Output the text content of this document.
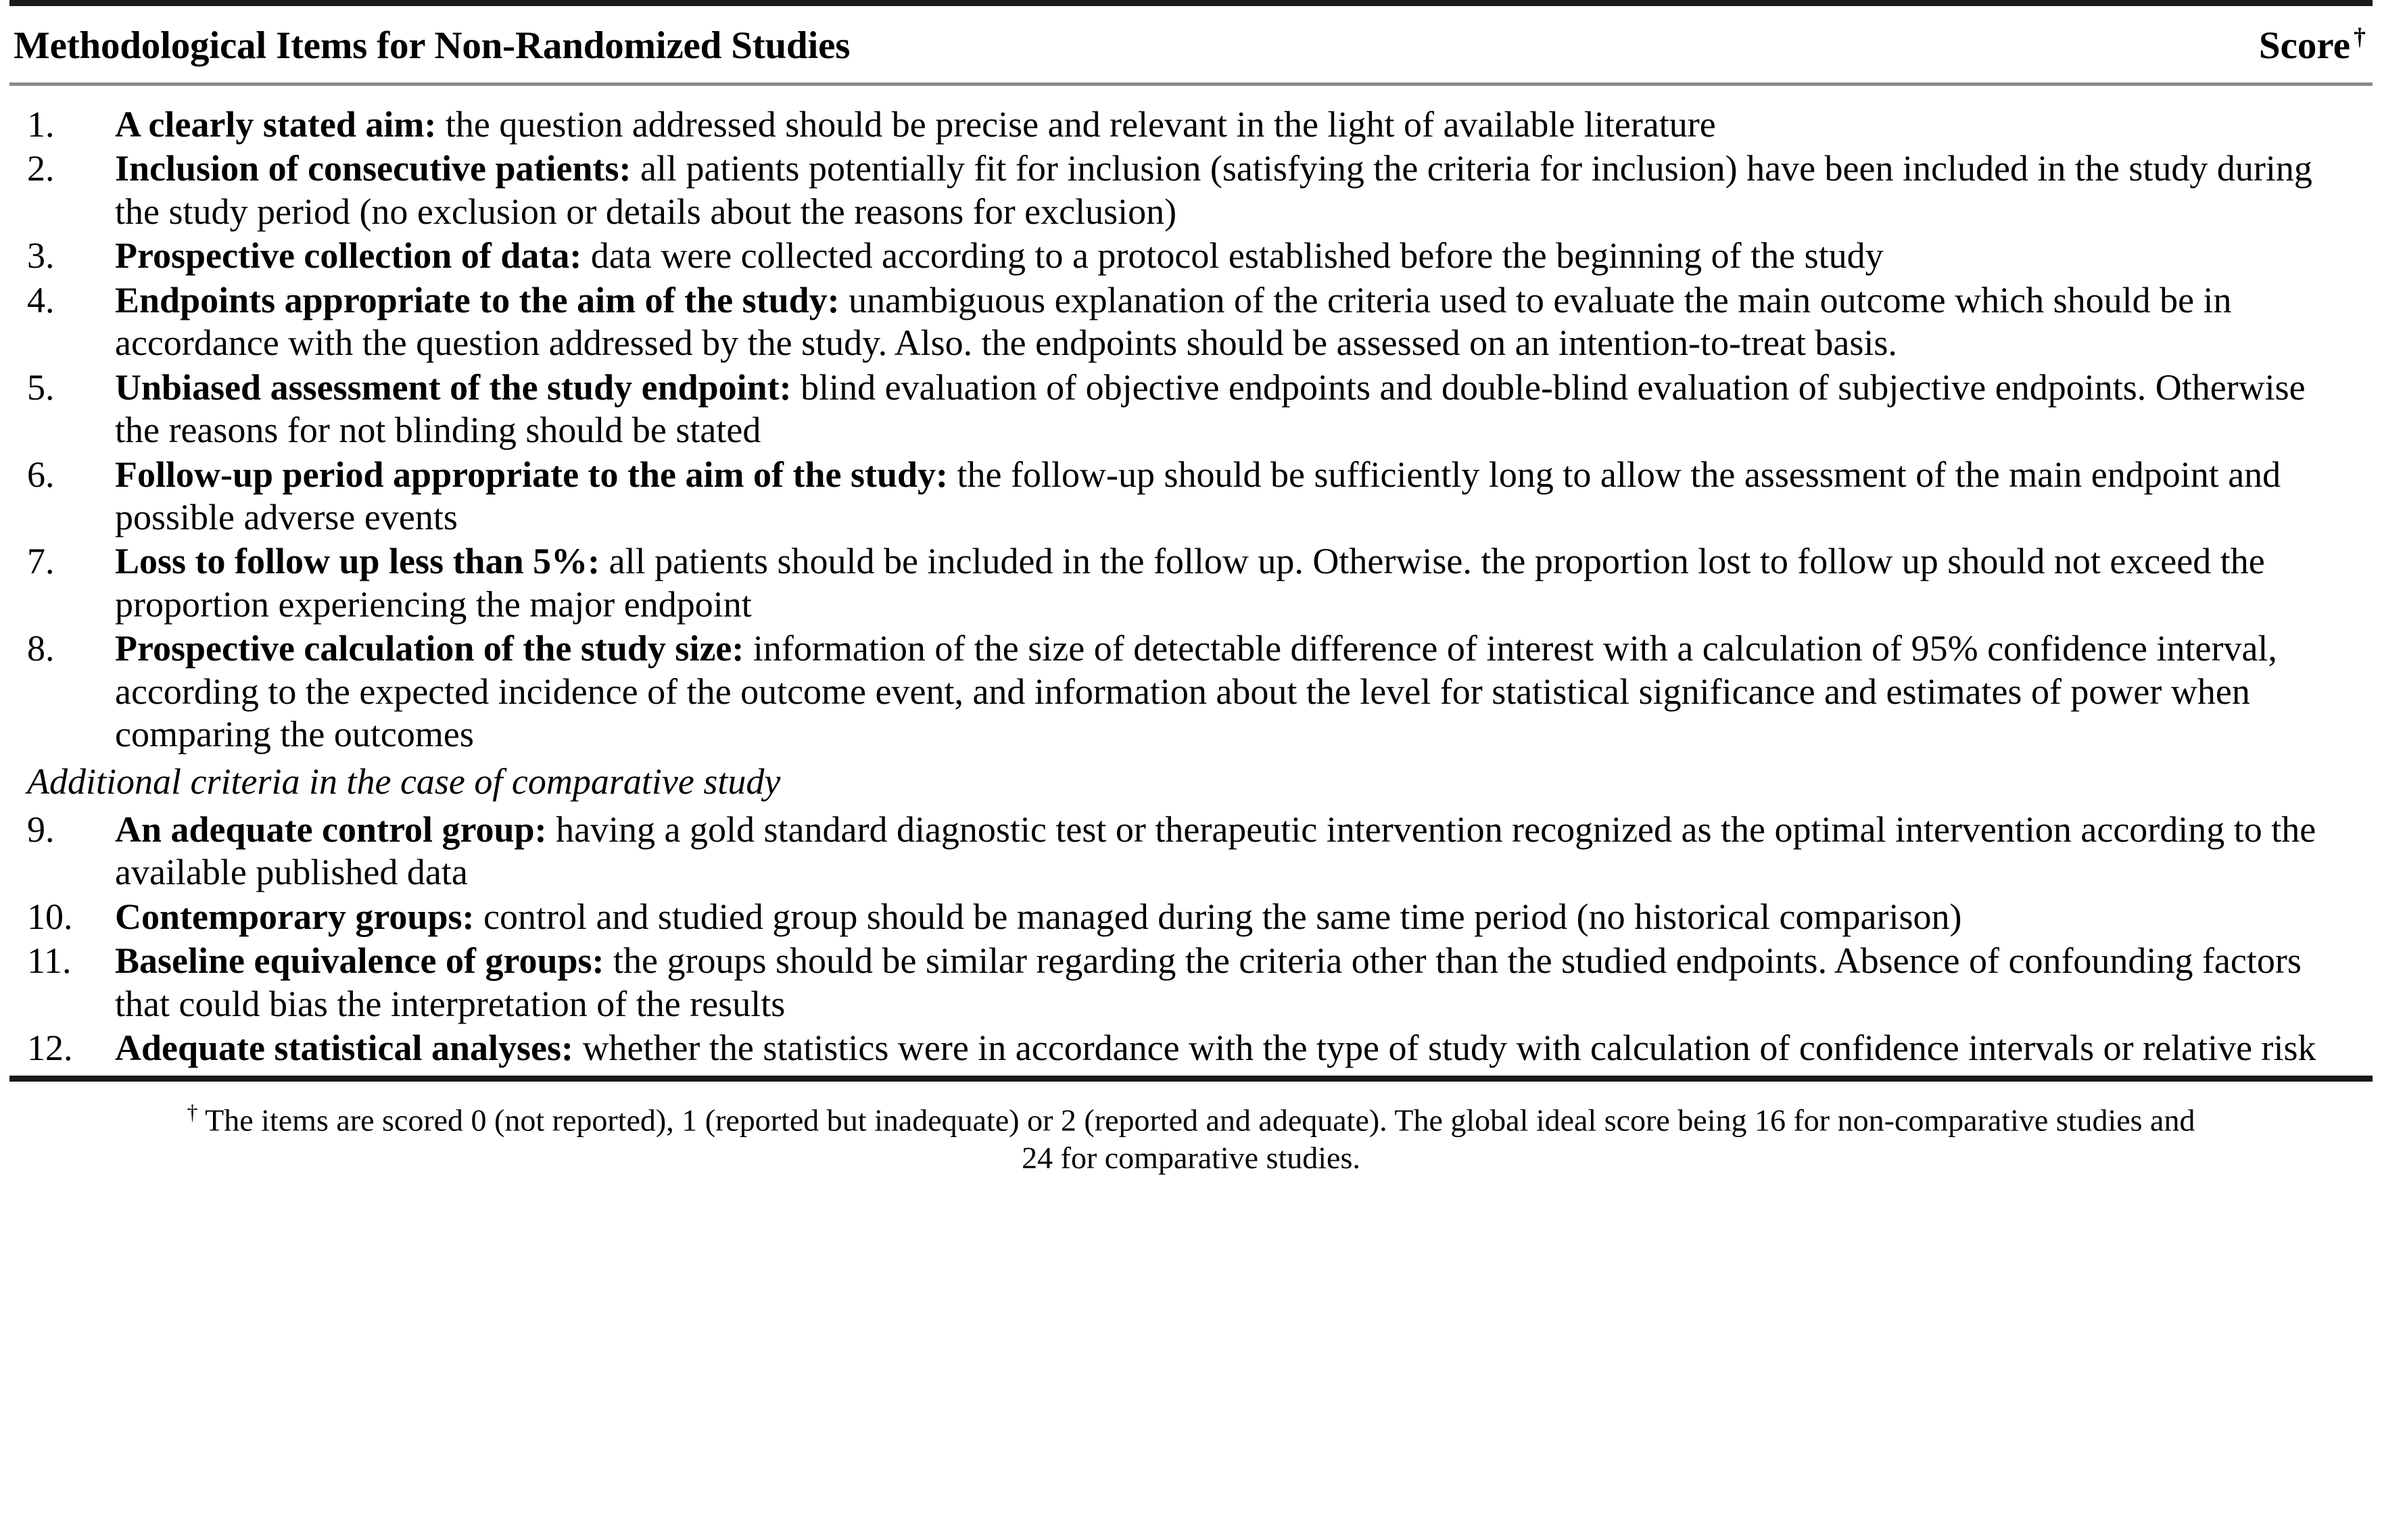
Methodological Items for Non-Randomized Studies	Score †
1.	A clearly stated aim: the question addressed should be precise and relevant in the light of available literature
2.	Inclusion of consecutive patients: all patients potentially fit for inclusion (satisfying the criteria for inclusion) have been included in the study during the study period (no exclusion or details about the reasons for exclusion)
3.	Prospective collection of data: data were collected according to a protocol established before the beginning of the study
4.	Endpoints appropriate to the aim of the study: unambiguous explanation of the criteria used to evaluate the main outcome which should be in accordance with the question addressed by the study. Also. the endpoints should be assessed on an intention-to-treat basis.
5.	Unbiased assessment of the study endpoint: blind evaluation of objective endpoints and double-blind evaluation of subjective endpoints. Otherwise the reasons for not blinding should be stated
6.	Follow-up period appropriate to the aim of the study: the follow-up should be sufficiently long to allow the assessment of the main endpoint and possible adverse events
7.	Loss to follow up less than 5%: all patients should be included in the follow up. Otherwise. the proportion lost to follow up should not exceed the proportion experiencing the major endpoint
8.	Prospective calculation of the study size: information of the size of detectable difference of interest with a calculation of 95% confidence interval, according to the expected incidence of the outcome event, and information about the level for statistical significance and estimates of power when comparing the outcomes
Additional criteria in the case of comparative study
9.	An adequate control group: having a gold standard diagnostic test or therapeutic intervention recognized as the optimal intervention according to the available published data
10.	Contemporary groups: control and studied group should be managed during the same time period (no historical comparison)
11.	Baseline equivalence of groups: the groups should be similar regarding the criteria other than the studied endpoints. Absence of confounding factors that could bias the interpretation of the results
12.	Adequate statistical analyses: whether the statistics were in accordance with the type of study with calculation of confidence intervals or relative risk
† The items are scored 0 (not reported), 1 (reported but inadequate) or 2 (reported and adequate). The global ideal score being 16 for non-comparative studies and 24 for comparative studies.
